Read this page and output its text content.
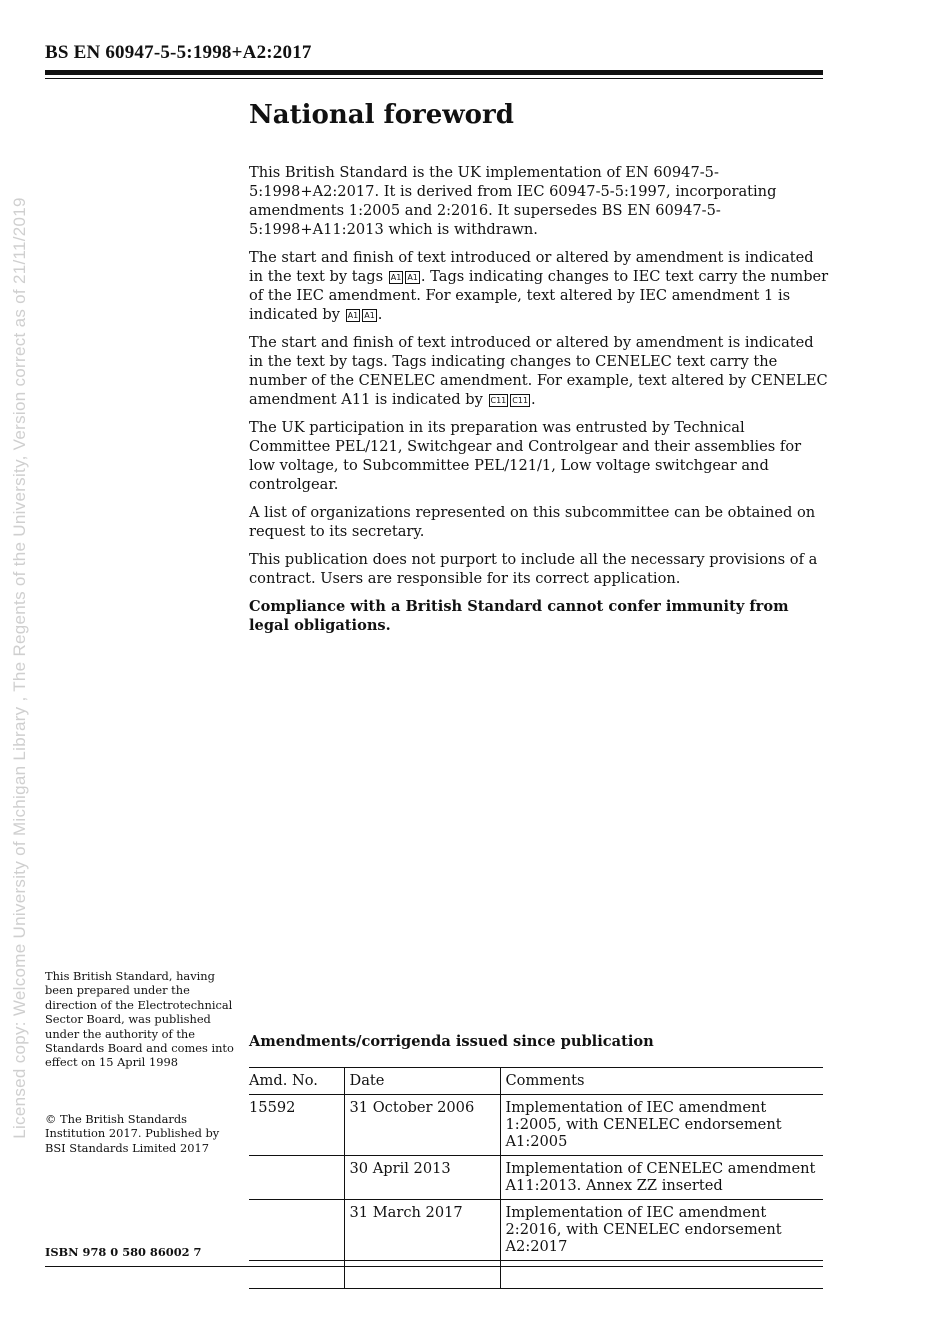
BS EN 60947-5-5:1998+A2:2017
Licensed copy: Welcome University of Michigan Library , The Regents of the University, Version correct as of 21/11/2019
National foreword

This British Standard is the UK implementation of EN 60947-5-5:1998+A2:2017. It is derived from IEC 60947-5-5:1997, incorporating amendments 1:2005 and 2:2016. It supersedes BS EN 60947-5-5:1998+A11:2013 which is withdrawn.

The start and finish of text introduced or altered by amendment is indicated in the text by tags A1 A1 . Tags indicating changes to IEC text carry the number of the IEC amendment. For example, text altered by IEC amendment 1 is indicated by A1 A1 .

The start and finish of text introduced or altered by amendment is indicated in the text by tags. Tags indicating changes to CENELEC text carry the number of the CENELEC amendment. For example, text altered by CENELEC amendment A11 is indicated by C11 C11 .

The UK participation in its preparation was entrusted by Technical Committee PEL/121, Switchgear and Controlgear and their assemblies for low voltage, to Subcommittee PEL/121/1, Low voltage switchgear and controlgear.

A list of organizations represented on this subcommittee can be obtained on request to its secretary.

This publication does not purport to include all the necessary provisions of a contract. Users are responsible for its correct application.

Compliance with a British Standard cannot confer immunity from legal obligations.

This British Standard, having been prepared under the direction of the Electrotechnical Sector Board, was published under the authority of the Standards Board and comes into effect on 15 April 1998
© The British Standards Institution 2017. Published by BSI Standards Limited 2017
ISBN 978 0 580 86002 7
Amendments/corrigenda issued since publication
Amd. No.	Date	Comments
15592	31 October 2006	Implementation of IEC amendment 1:2005, with CENELEC endorsement A1:2005
	30 April 2013	Implementation of CENELEC amendment A11:2013. Annex ZZ inserted
	31 March 2017	Implementation of IEC amendment 2:2016, with CENELEC endorsement A2:2017
